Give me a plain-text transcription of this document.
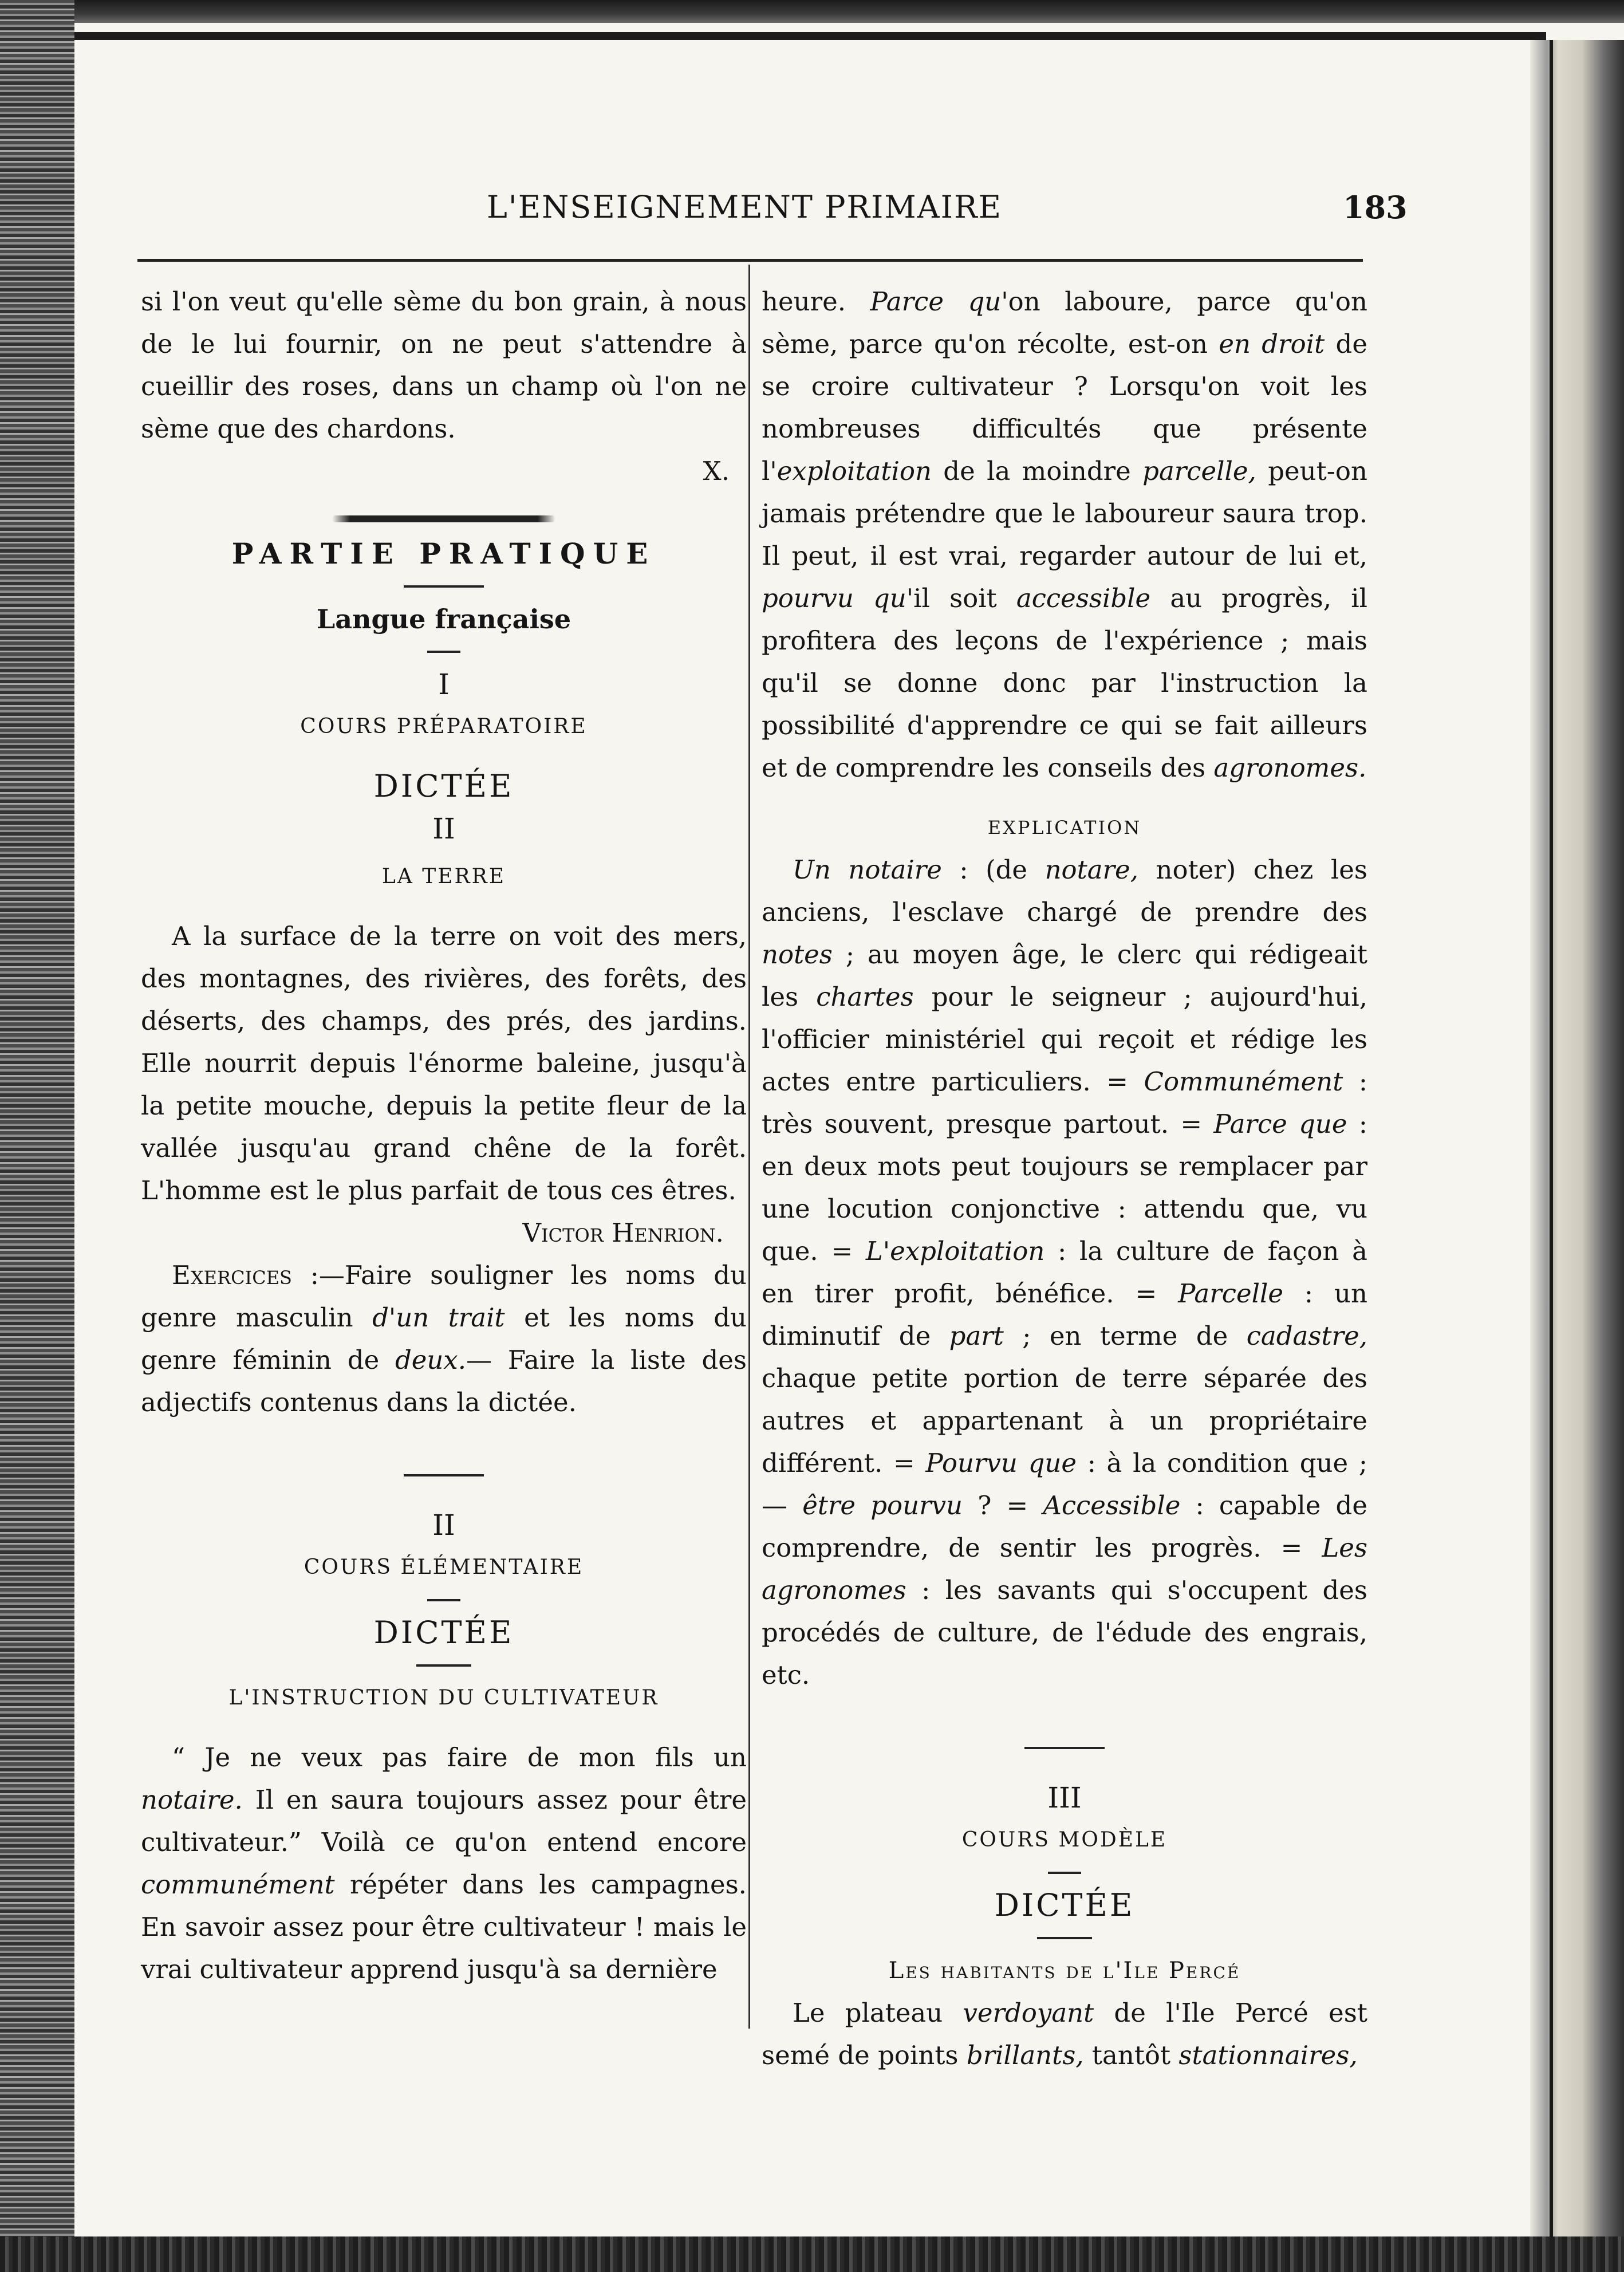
L'ENSEIGNEMENT PRIMAIRE	183

si l'on veut qu'elle sème du bon grain, à nous de le lui fournir, on ne peut s'attendre à cueillir des roses, dans un champ où l'on ne sème que des chardons.

X.

PARTIE PRATIQUE

Langue française

I

COURS PRÉPARATOIRE

DICTÉE

II

LA TERRE

A la surface de la terre on voit des mers, des montagnes, des rivières, des forêts, des déserts, des champs, des prés, des jardins. Elle nourrit depuis l'énorme baleine, jusqu'à la petite mouche, depuis la petite fleur de la vallée jusqu'au grand chêne de la forêt. L'homme est le plus parfait de tous ces êtres.

Victor Henrion.

Exercices :—Faire souligner les noms du genre masculin d'un trait et les noms du genre féminin de deux.— Faire la liste des adjectifs contenus dans la dictée.

II

COURS ÉLÉMENTAIRE

DICTÉE

L'INSTRUCTION DU CULTIVATEUR

“ Je ne veux pas faire de mon fils un notaire. Il en saura toujours assez pour être cultivateur.” Voilà ce qu'on entend encore communément répéter dans les campagnes. En savoir assez pour être cultivateur ! mais le vrai cultivateur apprend jusqu'à sa dernière

heure. Parce qu'on laboure, parce qu'on sème, parce qu'on récolte, est-on en droit de se croire cultivateur ? Lorsqu'on voit les nombreuses difficultés que présente l'exploitation de la moindre parcelle, peut-on jamais prétendre que le laboureur saura trop. Il peut, il est vrai, regarder autour de lui et, pourvu qu'il soit accessible au progrès, il profitera des leçons de l'expérience ; mais qu'il se donne donc par l'instruction la possibilité d'apprendre ce qui se fait ailleurs et de comprendre les conseils des agronomes.

EXPLICATION

Un notaire : (de notare, noter) chez les anciens, l'esclave chargé de prendre des notes ; au moyen âge, le clerc qui rédigeait les chartes pour le seigneur ; aujourd'hui, l'officier ministériel qui reçoit et rédige les actes entre particuliers. = Communément : très souvent, presque partout. = Parce que : en deux mots peut toujours se remplacer par une locution conjonctive : attendu que, vu que. = L'exploitation : la culture de façon à en tirer profit, bénéfice. = Parcelle : un diminutif de part ; en terme de cadastre, chaque petite portion de terre séparée des autres et appartenant à un propriétaire différent. = Pourvu que : à la condition que ; — être pourvu ? = Accessible : capable de comprendre, de sentir les progrès. = Les agronomes : les savants qui s'occupent des procédés de culture, de l'édude des engrais, etc.

III

COURS MODÈLE

DICTÉE

Les habitants de l'Ile Percé

Le plateau verdoyant de l'Ile Percé est semé de points brillants, tantôt stationnaires,
